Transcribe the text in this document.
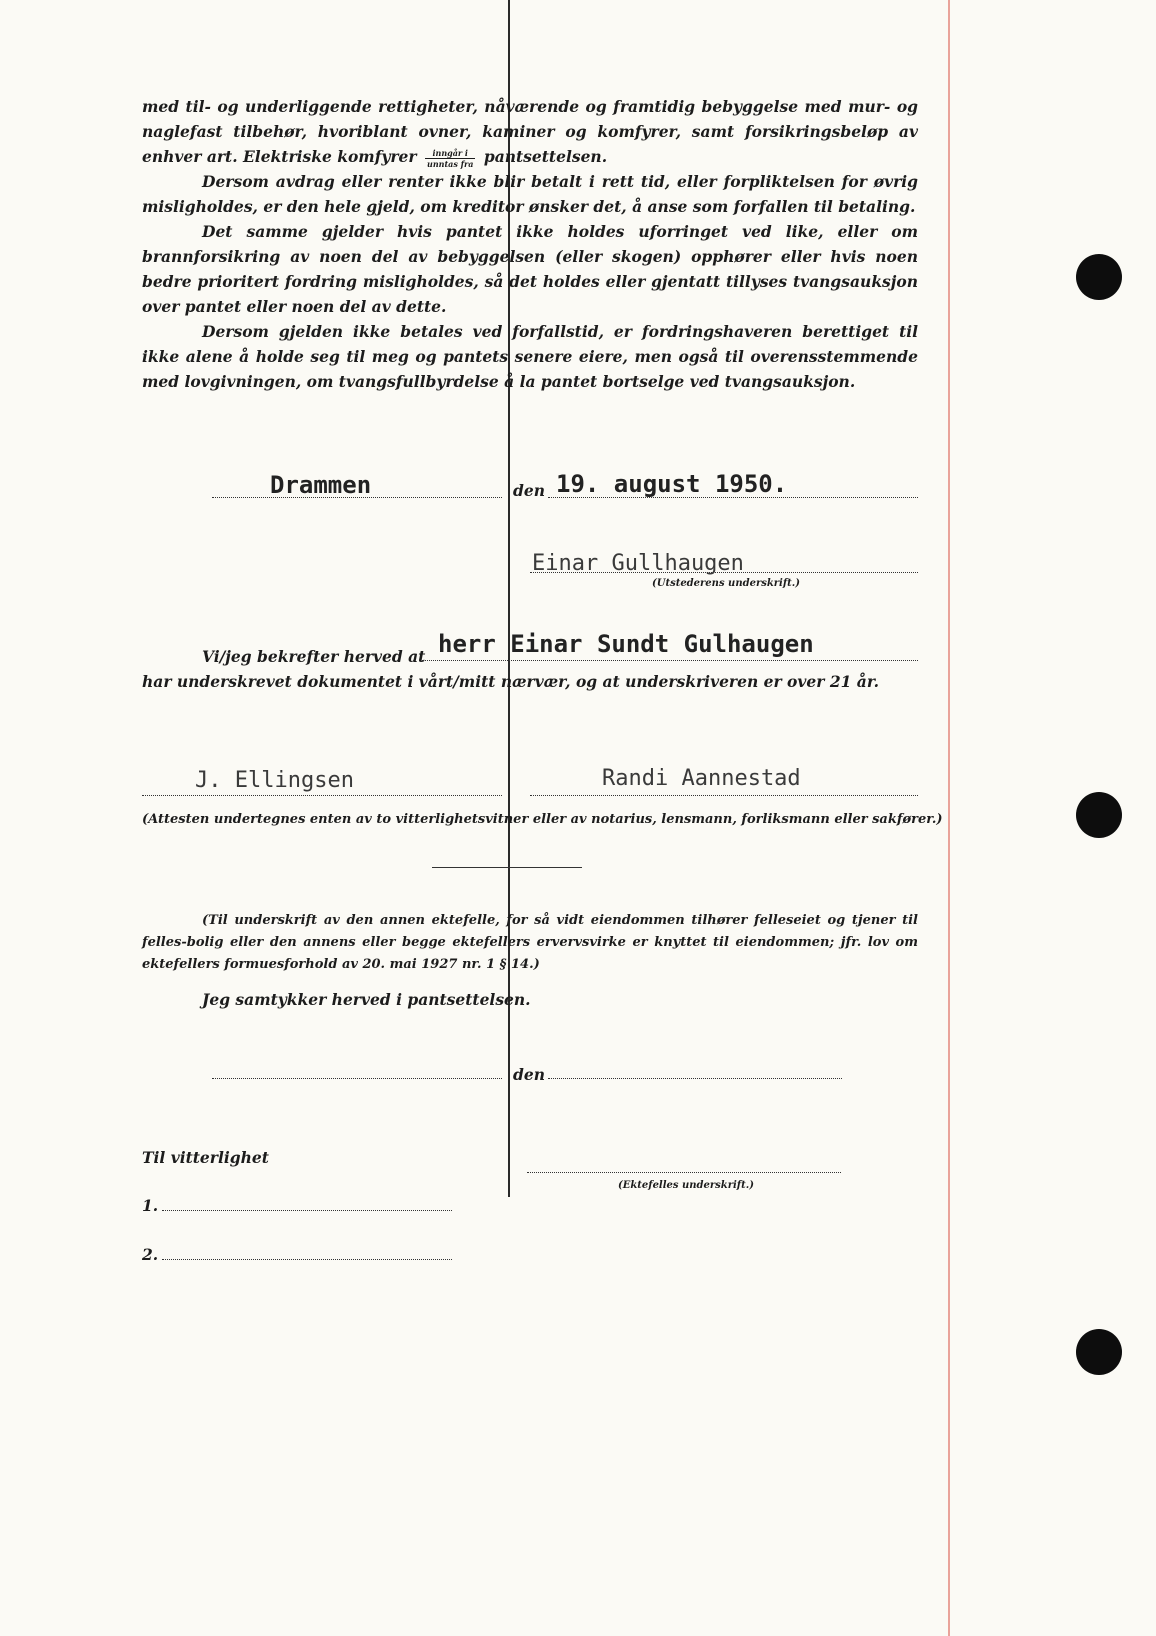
med til- og underliggende rettigheter, nåværende og framtidig bebyggelse med mur- og naglefast tilbehør, hvoriblant ovner, kaminer og komfyrer, samt forsikringsbeløp av enhver art. Elektriske komfyrer $\frac{\text{inngår i}}{\text{unntas fra}}$ pantsettelsen.

Dersom avdrag eller renter ikke blir betalt i rett tid, eller forpliktelsen for øvrig misligholdes, er den hele gjeld, om kreditor ønsker det, å anse som forfallen til betaling.

Det samme gjelder hvis pantet ikke holdes uforringet ved like, eller om brannforsikring av noen del av bebyggelsen (eller skogen) opphører eller hvis noen bedre prioritert fordring misligholdes, så det holdes eller gjentatt tillyses tvangsauksjon over pantet eller noen del av dette.

Dersom gjelden ikke betales ved forfallstid, er fordringshaveren berettiget til ikke alene å holde seg til meg og pantets senere eiere, men også til overensstemmende med lovgivningen, om tvangsfullbyrdelse å la pantet bortselge ved tvangsauksjon.

Drammen	den 19. august 1950.
Einar Gullhaugen
(Utstederens underskrift.)
Vi/jeg bekrefter herved at herr Einar Sundt Gulhaugen
har underskrevet dokumentet i vårt/mitt nærvær, og at underskriveren er over 21 år.
J. Ellingsen	Randi Aannestad
(Attesten undertegnes enten av to vitterlighetsvitner eller av notarius, lensmann, forliksmann eller sakfører.)

(Til underskrift av den annen ektefelle, for så vidt eiendommen tilhører felleseiet og tjener til felles-bolig eller den annens eller begge ektefellers ervervsvirke er knyttet til eiendommen; jfr. lov om ektefellers formuesforhold av 20. mai 1927 nr. 1 § 14.)

Jeg samtykker herved i pantsettelsen.
den
(Ektefelles underskrift.)
Til vitterlighet
1.
2.
